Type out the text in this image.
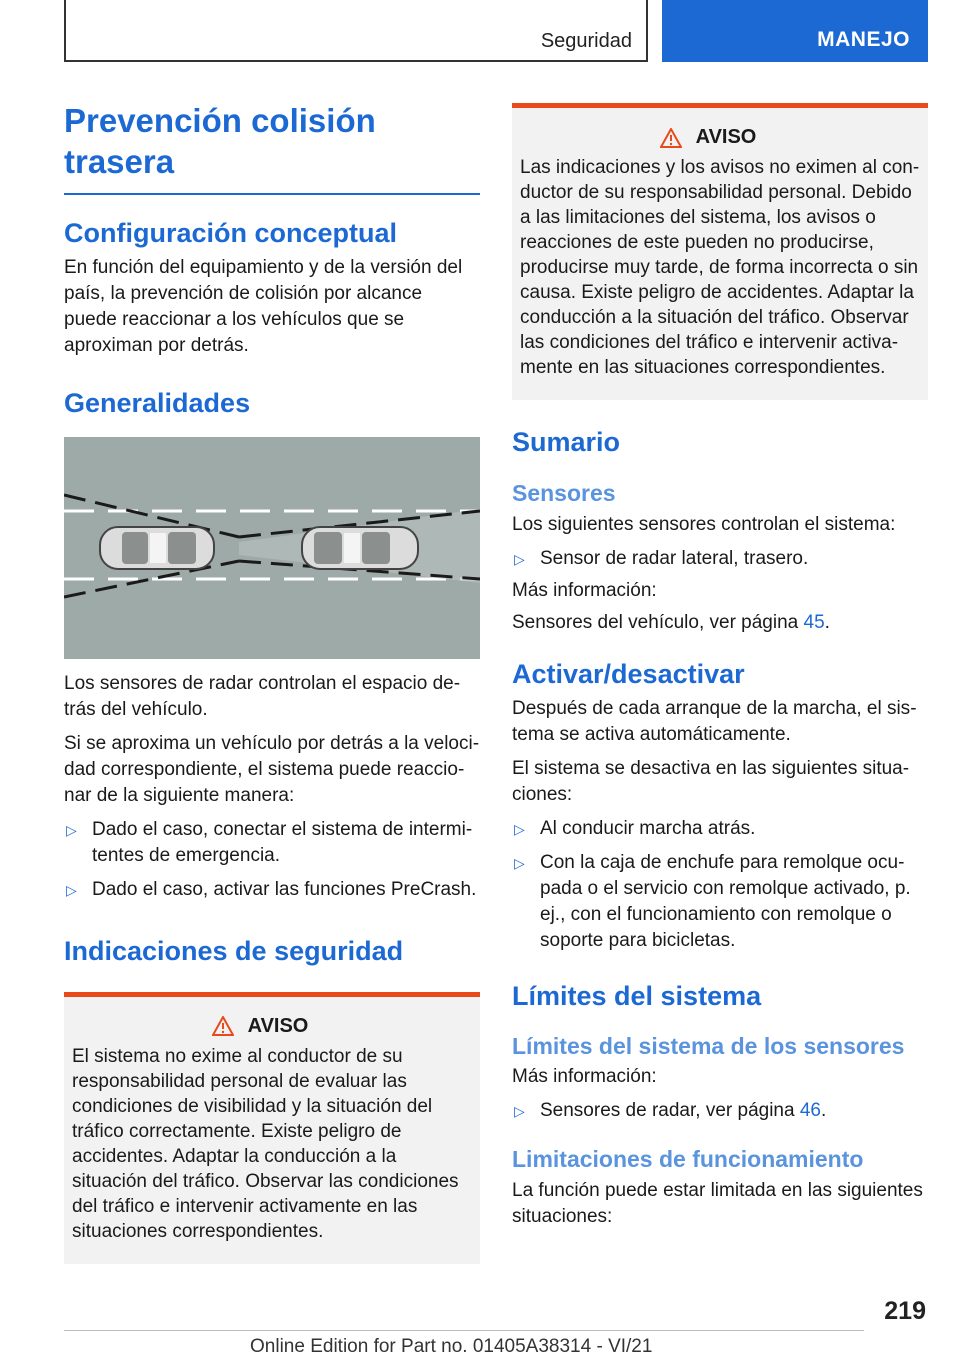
Seguridad	MANEJO
Prevención colisión trasera
Configuración conceptual

En función del equipamiento y de la versión del país, la prevención de colisión por alcance puede reaccionar a los vehículos que se aproximan por detrás.

Generalidades

Los sensores de radar controlan el espacio detrás del vehículo.

Si se aproxima un vehículo por detrás a la velocidad correspondiente, el sistema puede reaccionar de la siguiente manera:

▷ Dado el caso, conectar el sistema de intermitentes de emergencia.
▷ Dado el caso, activar las funciones PreCrash.
Indicaciones de seguridad
AVISO

El sistema no exime al conductor de su responsabilidad personal de evaluar las condiciones de visibilidad y la situación del tráfico correctamente. Existe peligro de accidentes. Adaptar la conducción a la situación del tráfico. Observar las condiciones del tráfico e intervenir activamente en las situaciones correspondientes.

AVISO

Las indicaciones y los avisos no eximen al conductor de su responsabilidad personal. Debido a las limitaciones del sistema, los avisos o reacciones de este pueden no producirse, producirse muy tarde, de forma incorrecta o sin causa. Existe peligro de accidentes. Adaptar la conducción a la situación del tráfico. Observar las condiciones del tráfico e intervenir activamente en las situaciones correspondientes.

Sumario
Sensores

Los siguientes sensores controlan el sistema:

▷ Sensor de radar lateral, trasero.

Más información:

Sensores del vehículo, ver página 45.

Activar/desactivar

Después de cada arranque de la marcha, el sistema se activa automáticamente.

El sistema se desactiva en las siguientes situaciones:

▷ Al conducir marcha atrás.
▷ Con la caja de enchufe para remolque ocupada o el servicio con remolque activado, p. ej., con el funcionamiento con remolque o soporte para bicicletas.
Límites del sistema
Límites del sistema de los sensores

Más información:

▷ Sensores de radar, ver página 46.
Limitaciones de funcionamiento

La función puede estar limitada en las siguientes situaciones:

219
Online Edition for Part no. 01405A38314 - VI/21
